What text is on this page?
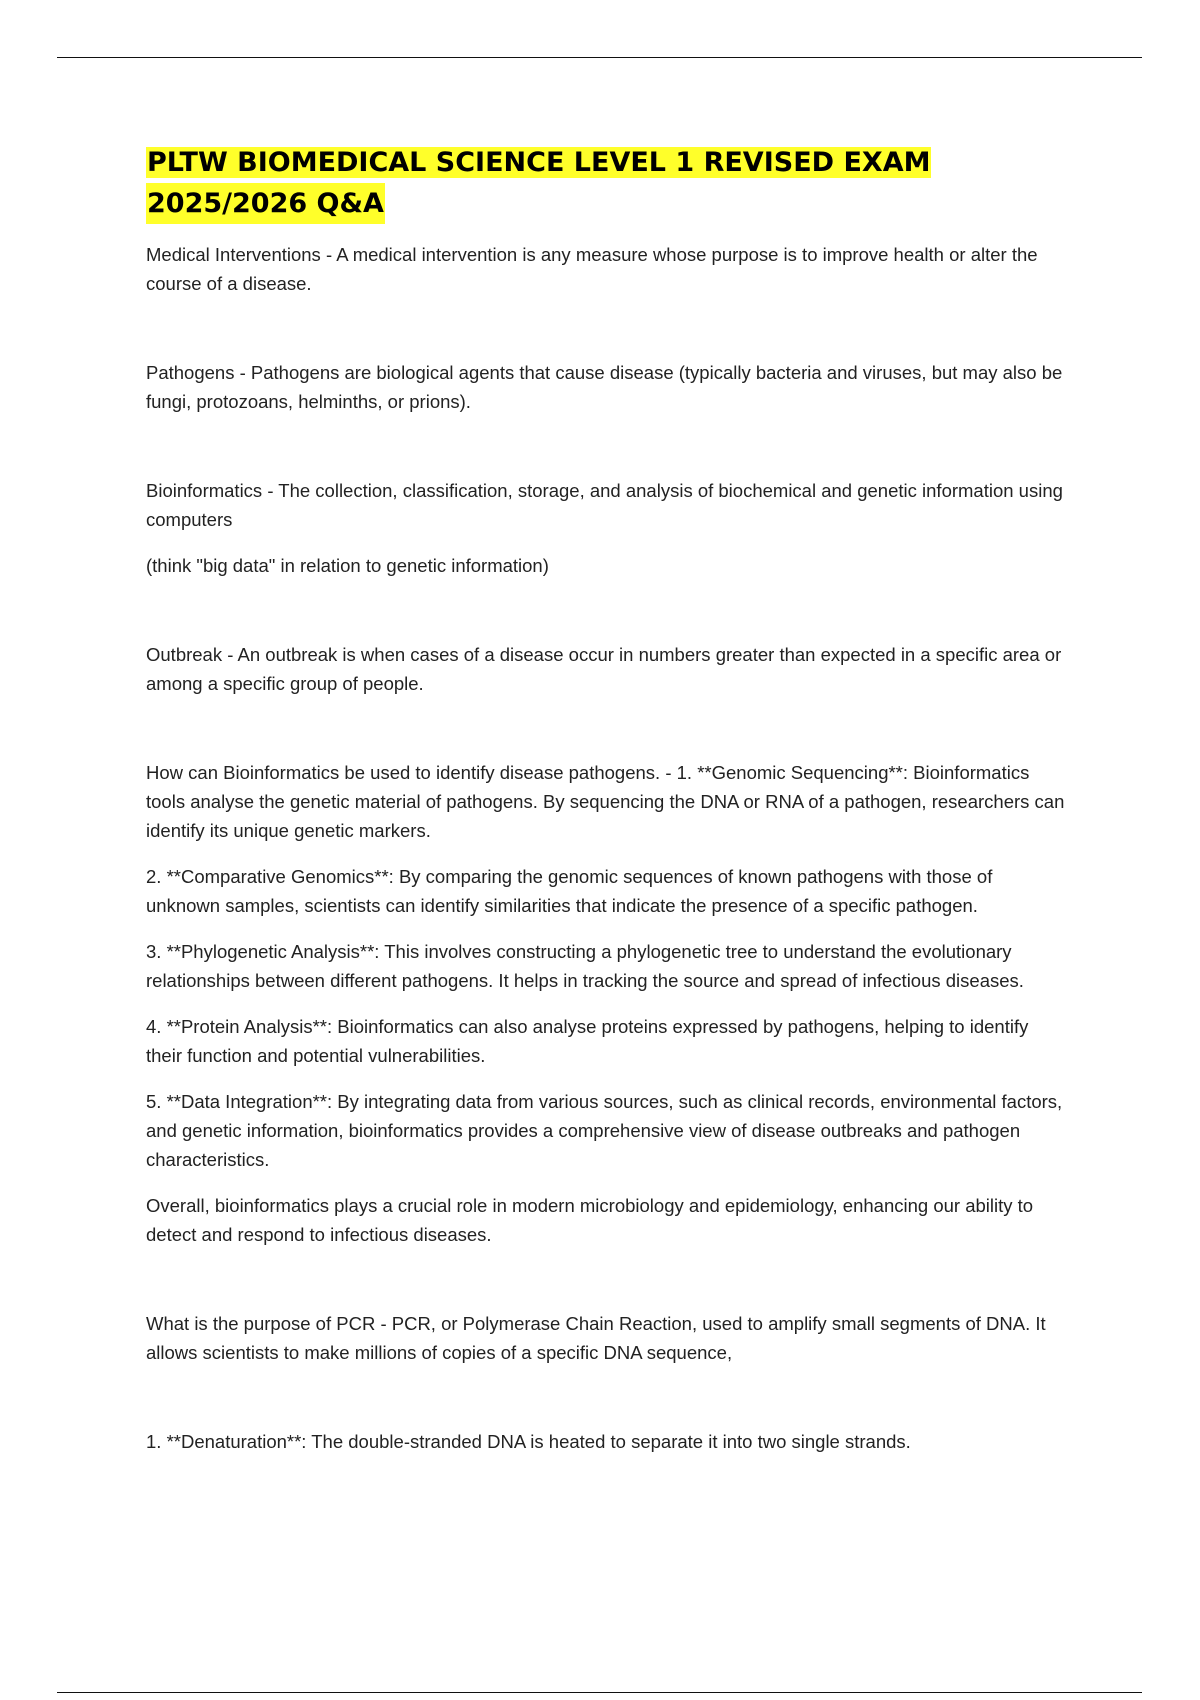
PLTW BIOMEDICAL SCIENCE LEVEL 1 REVISED EXAM
2025/2026 Q&A

Medical Interventions - A medical intervention is any measure whose purpose is to improve health or alter the course of a disease.

Pathogens - Pathogens are biological agents that cause disease (typically bacteria and viruses, but may also be fungi, protozoans, helminths, or prions).

Bioinformatics - The collection, classification, storage, and analysis of biochemical and genetic information using computers

(think "big data" in relation to genetic information)

Outbreak - An outbreak is when cases of a disease occur in numbers greater than expected in a specific area or among a specific group of people.

How can Bioinformatics be used to identify disease pathogens. - 1. **Genomic Sequencing**: Bioinformatics tools analyse the genetic material of pathogens. By sequencing the DNA or RNA of a pathogen, researchers can identify its unique genetic markers.

2. **Comparative Genomics**: By comparing the genomic sequences of known pathogens with those of unknown samples, scientists can identify similarities that indicate the presence of a specific pathogen.

3. **Phylogenetic Analysis**: This involves constructing a phylogenetic tree to understand the evolutionary relationships between different pathogens. It helps in tracking the source and spread of infectious diseases.

4. **Protein Analysis**: Bioinformatics can also analyse proteins expressed by pathogens, helping to identify their function and potential vulnerabilities.

5. **Data Integration**: By integrating data from various sources, such as clinical records, environmental factors, and genetic information, bioinformatics provides a comprehensive view of disease outbreaks and pathogen characteristics.

Overall, bioinformatics plays a crucial role in modern microbiology and epidemiology, enhancing our ability to detect and respond to infectious diseases.

What is the purpose of PCR - PCR, or Polymerase Chain Reaction, used to amplify small segments of DNA. It allows scientists to make millions of copies of a specific DNA sequence,

1. **Denaturation**: The double-stranded DNA is heated to separate it into two single strands.
